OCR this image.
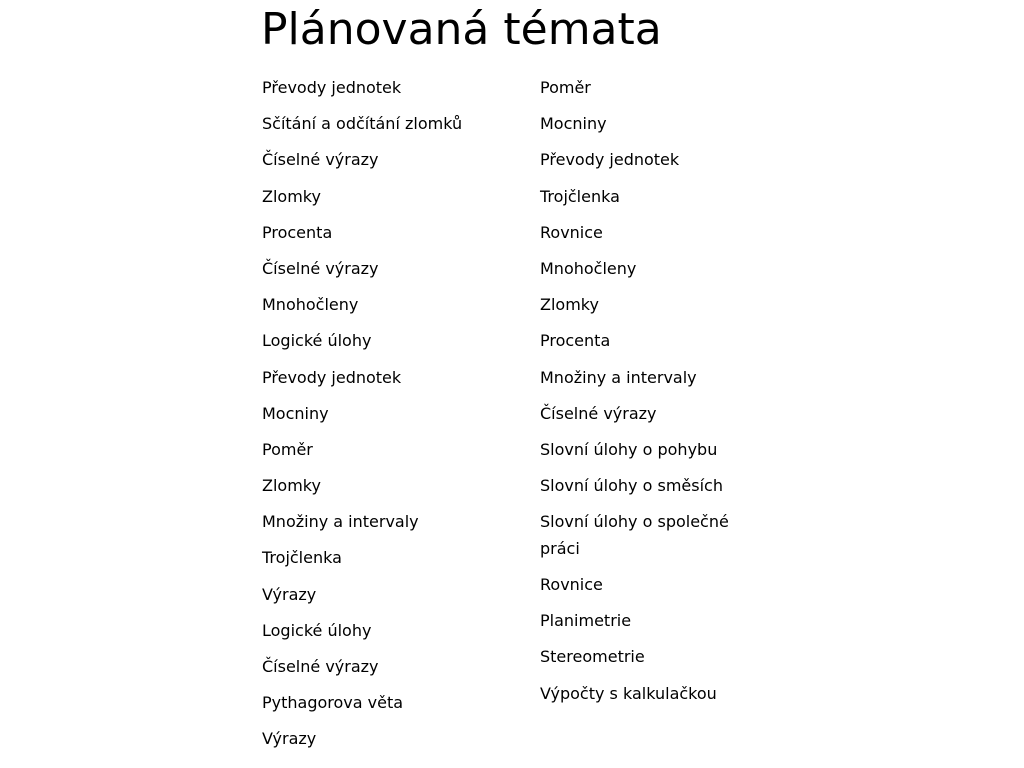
Plánovaná témata
Převody jednotek
Sčítání a odčítání zlomků
Číselné výrazy
Zlomky
Procenta
Číselné výrazy
Mnohočleny
Logické úlohy
Převody jednotek
Mocniny
Poměr
Zlomky
Množiny a intervaly
Trojčlenka
Výrazy
Logické úlohy
Číselné výrazy
Pythagorova věta
Výrazy
Poměr
Mocniny
Převody jednotek
Trojčlenka
Rovnice
Mnohočleny
Zlomky
Procenta
Množiny a intervaly
Číselné výrazy
Slovní úlohy o pohybu
Slovní úlohy o směsích
Slovní úlohy o společné práci
Rovnice
Planimetrie
Stereometrie
Výpočty s kalkulačkou
